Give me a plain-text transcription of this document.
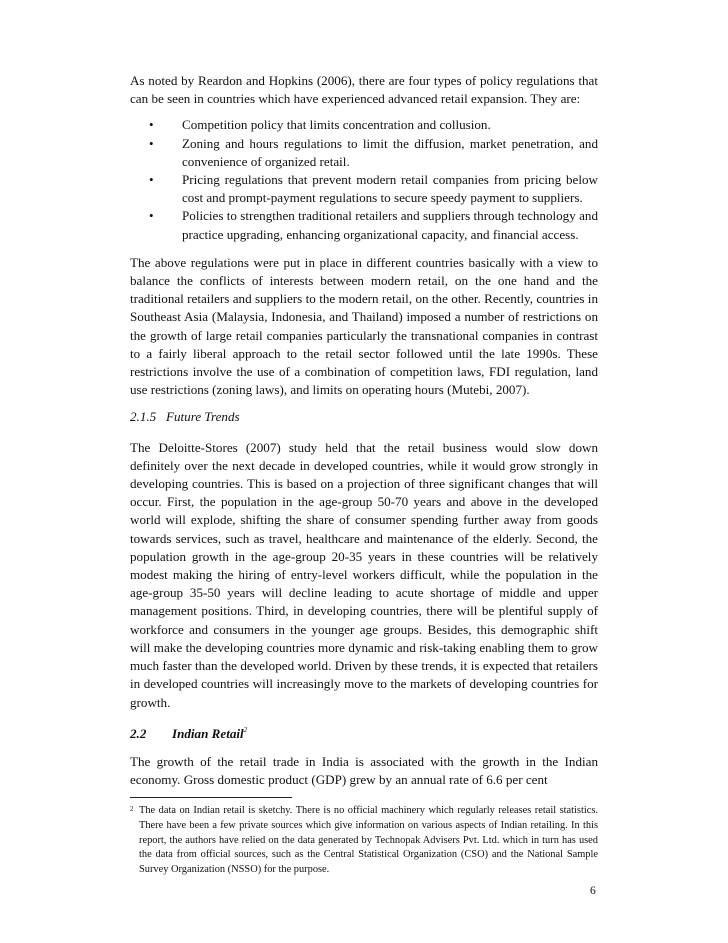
As noted by Reardon and Hopkins (2006), there are four types of policy regulations that can be seen in countries which have experienced advanced retail expansion. They are:

• Competition policy that limits concentration and collusion.
• Zoning and hours regulations to limit the diffusion, market penetration, and convenience of organized retail.
• Pricing regulations that prevent modern retail companies from pricing below cost and prompt-payment regulations to secure speedy payment to suppliers.
• Policies to strengthen traditional retailers and suppliers through technology and practice upgrading, enhancing organizational capacity, and financial access.

The above regulations were put in place in different countries basically with a view to balance the conflicts of interests between modern retail, on the one hand and the traditional retailers and suppliers to the modern retail, on the other. Recently, countries in Southeast Asia (Malaysia, Indonesia, and Thailand) imposed a number of restrictions on the growth of large retail companies particularly the transnational companies in contrast to a fairly liberal approach to the retail sector followed until the late 1990s. These restrictions involve the use of a combination of competition laws, FDI regulation, land use restrictions (zoning laws), and limits on operating hours (Mutebi, 2007).

2.1.5 Future Trends

The Deloitte-Stores (2007) study held that the retail business would slow down definitely over the next decade in developed countries, while it would grow strongly in developing countries. This is based on a projection of three significant changes that will occur. First, the population in the age-group 50-70 years and above in the developed world will explode, shifting the share of consumer spending further away from goods towards services, such as travel, healthcare and maintenance of the elderly. Second, the population growth in the age-group 20-35 years in these countries will be relatively modest making the hiring of entry-level workers difficult, while the population in the age-group 35-50 years will decline leading to acute shortage of middle and upper management positions. Third, in developing countries, there will be plentiful supply of workforce and consumers in the younger age groups. Besides, this demographic shift will make the developing countries more dynamic and risk-taking enabling them to grow much faster than the developed world. Driven by these trends, it is expected that retailers in developed countries will increasingly move to the markets of developing countries for growth.

2.2 Indian Retail$^2$

The growth of the retail trade in India is associated with the growth in the Indian economy. Gross domestic product (GDP) grew by an annual rate of 6.6 per cent

2 The data on Indian retail is sketchy. There is no official machinery which regularly releases retail statistics. There have been a few private sources which give information on various aspects of Indian retailing. In this report, the authors have relied on the data generated by Technopak Advisers Pvt. Ltd. which in turn has used the data from official sources, such as the Central Statistical Organization (CSO) and the National Sample Survey Organization (NSSO) for the purpose.
6
